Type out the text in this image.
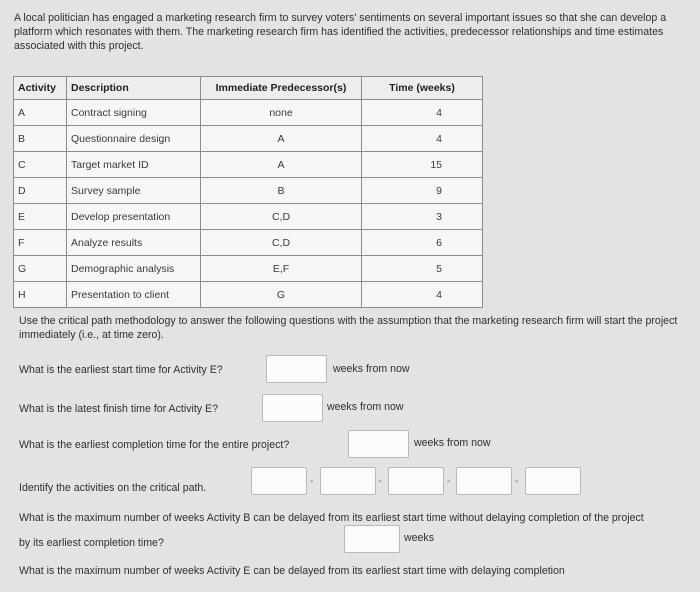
A local politician has engaged a marketing research firm to survey voters' sentiments on several important issues so that she can develop a platform which resonates with them. The marketing research firm has identified the activities, predecessor relationships and time estimates associated with this project.
Activity	Description	Immediate Predecessor(s)	Time (weeks)
A	Contract signing	none	4
B	Questionnaire design	A	4
C	Target market ID	A	15
D	Survey sample	B	9
E	Develop presentation	C,D	3
F	Analyze results	C,D	6
G	Demographic analysis	E,F	5
H	Presentation to client	G	4
Use the critical path methodology to answer the following questions with the assumption that the marketing research firm will start the project immediately (i.e., at time zero).
What is the earliest start time for Activity E?	weeks from now
What is the latest finish time for Activity E?	weeks from now
What is the earliest completion time for the entire project?	weeks from now
Identify the activities on the critical path.
-	-	-	-
What is the maximum number of weeks Activity B can be delayed from its earliest start time without delaying completion of the project by its earliest completion time?	weeks
What is the maximum number of weeks Activity E can be delayed from its earliest start time with delaying completion
